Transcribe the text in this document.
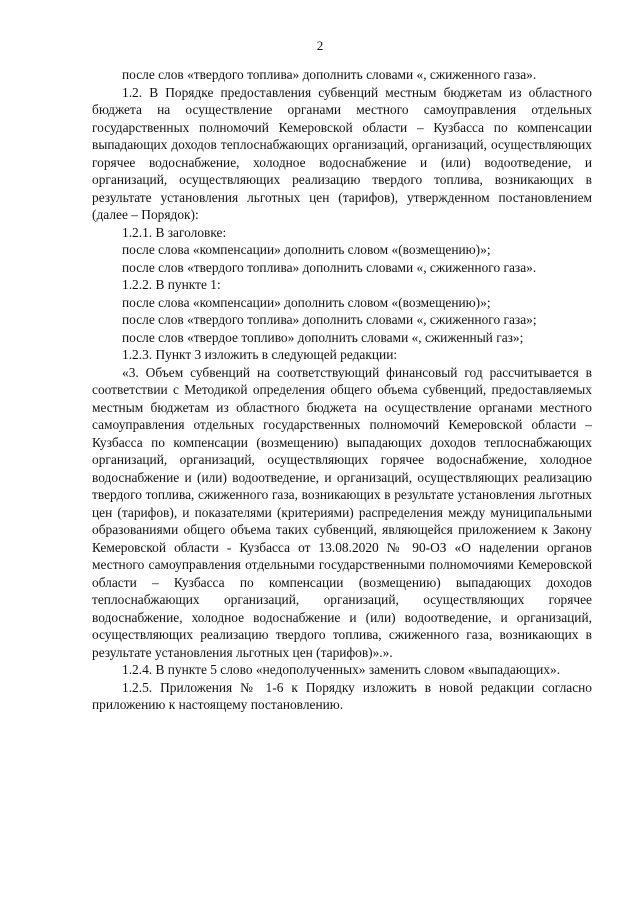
2

после слов «твердого топлива» дополнить словами «, сжиженного газа».

1.2. В Порядке предоставления субвенций местным бюджетам из областного бюджета на осуществление органами местного самоуправления отдельных государственных полномочий Кемеровской области – Кузбасса по компенсации выпадающих доходов теплоснабжающих организаций, организаций, осуществляющих горячее водоснабжение, холодное водоснабжение и (или) водоотведение, и организаций, осуществляющих реализацию твердого топлива, возникающих в результате установления льготных цен (тарифов), утвержденном постановлением (далее – Порядок):

1.2.1. В заголовке:

после слова «компенсации» дополнить словом «(возмещению)»;

после слов «твердого топлива» дополнить словами «, сжиженного газа».

1.2.2. В пункте 1:

после слова «компенсации» дополнить словом «(возмещению)»;

после слов «твердого топлива» дополнить словами «, сжиженного газа»;

после слов «твердое топливо» дополнить словами «, сжиженный газ»;

1.2.3. Пункт 3 изложить в следующей редакции:

«3. Объем субвенций на соответствующий финансовый год рассчитывается в соответствии с Методикой определения общего объема субвенций, предоставляемых местным бюджетам из областного бюджета на осуществление органами местного самоуправления отдельных государственных полномочий Кемеровской области – Кузбасса по компенсации (возмещению) выпадающих доходов теплоснабжающих организаций, организаций, осуществляющих горячее водоснабжение, холодное водоснабжение и (или) водоотведение, и организаций, осуществляющих реализацию твердого топлива, сжиженного газа, возникающих в результате установления льготных цен (тарифов), и показателями (критериями) распределения между муниципальными образованиями общего объема таких субвенций, являющейся приложением к Закону Кемеровской области - Кузбасса от 13.08.2020 № 90-ОЗ «О наделении органов местного самоуправления отдельными государственными полномочиями Кемеровской области – Кузбасса по компенсации (возмещению) выпадающих доходов теплоснабжающих организаций, организаций, осуществляющих горячее водоснабжение, холодное водоснабжение и (или) водоотведение, и организаций, осуществляющих реализацию твердого топлива, сжиженного газа, возникающих в результате установления льготных цен (тарифов)».».

1.2.4. В пункте 5 слово «недополученных» заменить словом «выпадающих».

1.2.5. Приложения № 1-6 к Порядку изложить в новой редакции согласно приложению к настоящему постановлению.
